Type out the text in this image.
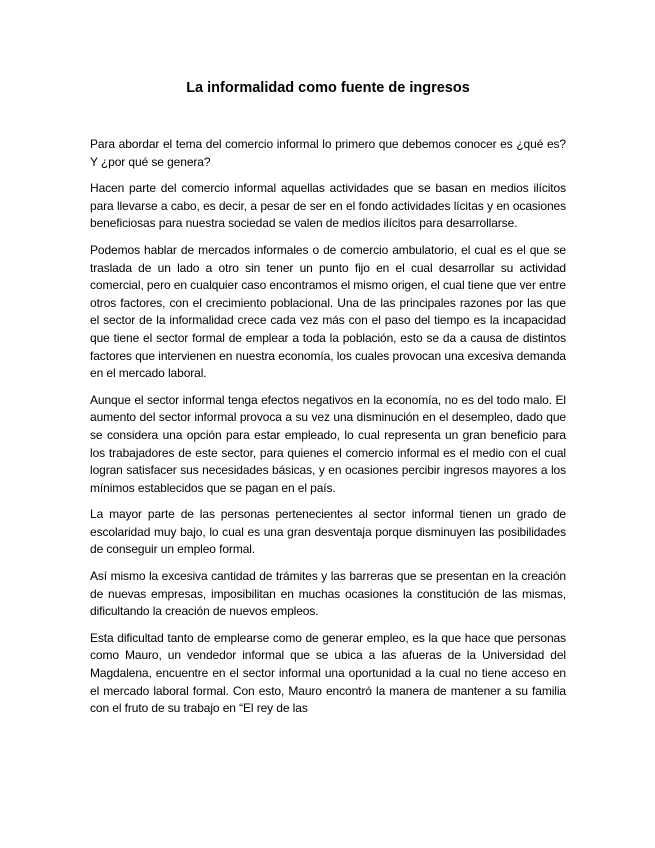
La informalidad como fuente de ingresos

Para abordar el tema del comercio informal lo primero que debemos conocer es ¿qué es? Y ¿por qué se genera?

Hacen parte del comercio informal aquellas actividades que se basan en medios ilícitos para llevarse a cabo, es decir, a pesar de ser en el fondo actividades lícitas y en ocasiones beneficiosas para nuestra sociedad se valen de medios ilícitos para desarrollarse.

Podemos hablar de mercados informales o de comercio ambulatorio, el cual es el que se traslada de un lado a otro sin tener un punto fijo en el cual desarrollar su actividad comercial, pero en cualquier caso encontramos el mismo origen, el cual tiene que ver entre otros factores, con el crecimiento poblacional. Una de las principales razones por las que el sector de la informalidad crece cada vez más con el paso del tiempo es la incapacidad que tiene el sector formal de emplear a toda la población, esto se da a causa de distintos factores que intervienen en nuestra economía, los cuales provocan una excesiva demanda en el mercado laboral.

Aunque el sector informal tenga efectos negativos en la economía, no es del todo malo. El aumento del sector informal provoca a su vez una disminución en el desempleo, dado que se considera una opción para estar empleado, lo cual representa un gran beneficio para los trabajadores de este sector, para quienes el comercio informal es el medio con el cual logran satisfacer sus necesidades básicas, y en ocasiones percibir ingresos mayores a los mínimos establecidos que se pagan en el país.

La mayor parte de las personas pertenecientes al sector informal tienen un grado de escolaridad muy bajo, lo cual es una gran desventaja porque disminuyen las posibilidades de conseguir un empleo formal.

Así mismo la excesiva cantidad de trámites y las barreras que se presentan en la creación de nuevas empresas, imposibilitan en muchas ocasiones la constitución de las mismas, dificultando la creación de nuevos empleos.

Esta dificultad tanto de emplearse como de generar empleo, es la que hace que personas como Mauro, un vendedor informal que se ubica a las afueras de la Universidad del Magdalena, encuentre en el sector informal una oportunidad a la cual no tiene acceso en el mercado laboral formal. Con esto, Mauro encontró la manera de mantener a su familia con el fruto de su trabajo en “El rey de las
